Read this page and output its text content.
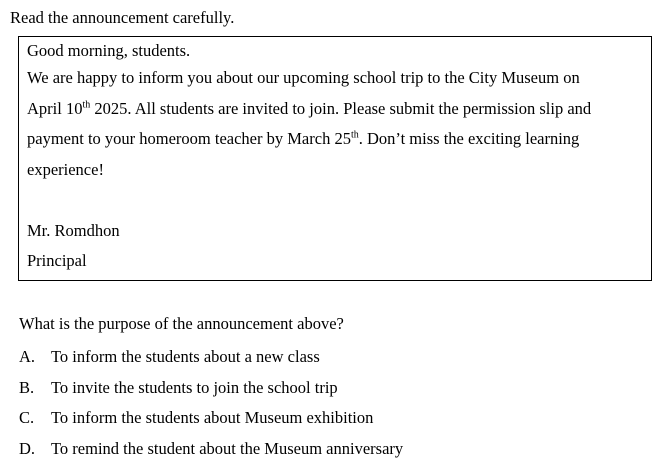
Read the announcement carefully.
Good morning, students.
We are happy to inform you about our upcoming school trip to the City Museum on
April 10th 2025. All students are invited to join. Please submit the permission slip and
payment to your homeroom teacher by March 25th. Don’t miss the exciting learning
experience!
Mr. Romdhon
Principal
What is the purpose of the announcement above?
A. To inform the students about a new class
B.	To invite the students to join the school trip
C.	To inform the students about Museum exhibition
D. To remind the student about the Museum anniversary
